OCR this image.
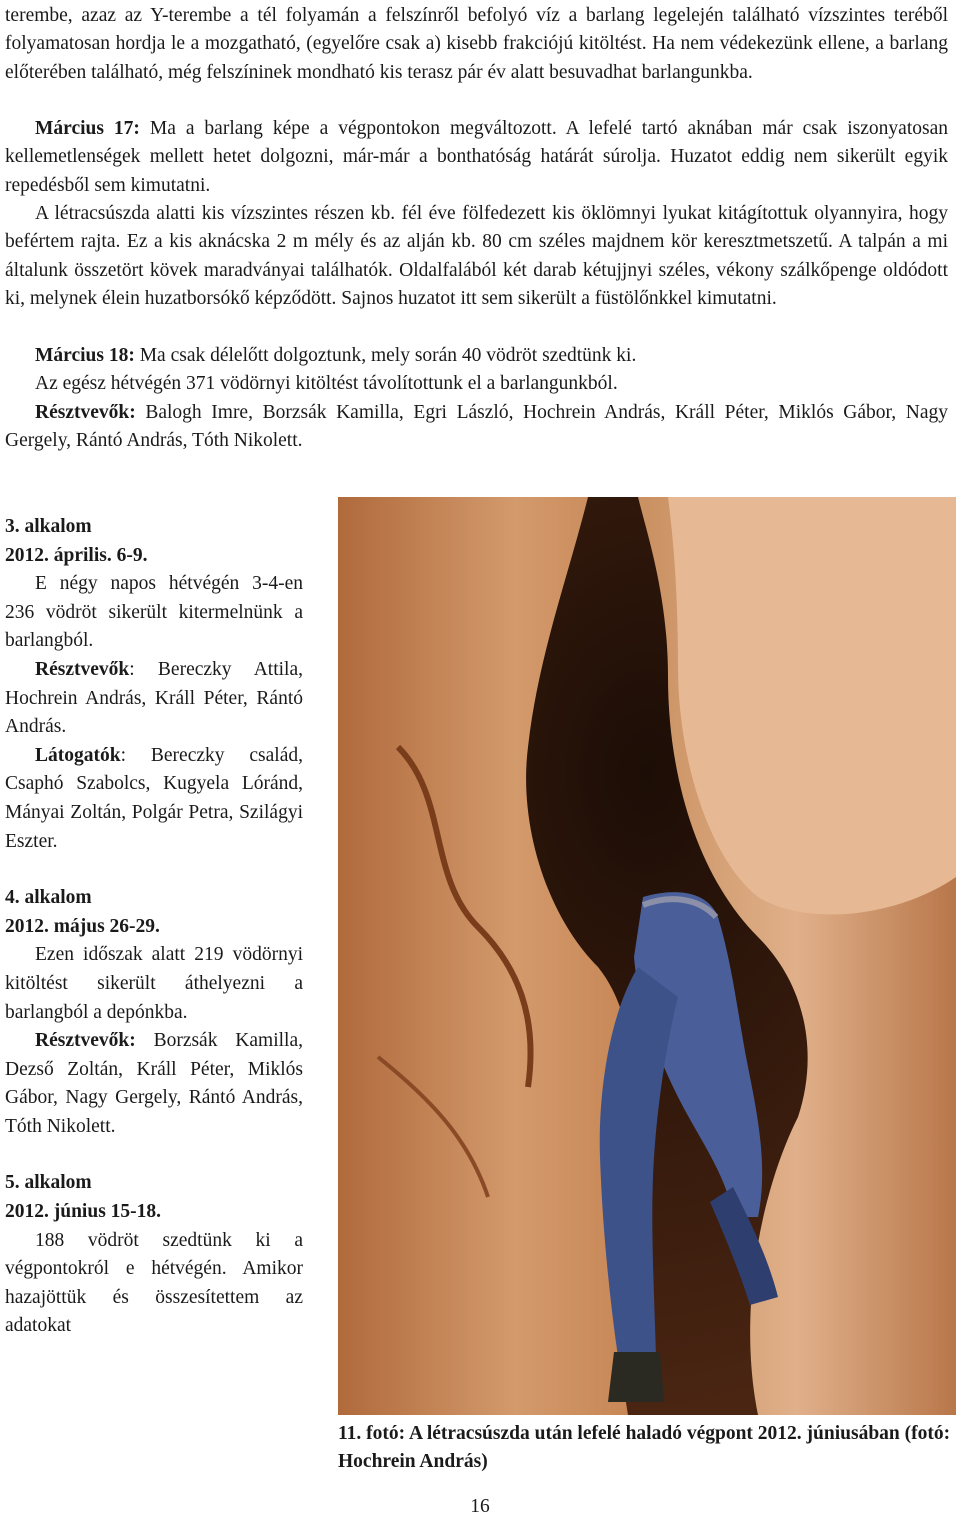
terembe, azaz az Y-terembe a tél folyamán a felszínről befolyó víz a barlang legelején található vízszintes teréből folyamatosan hordja le a mozgatható, (egyelőre csak a) kisebb frakciójú kitöltést. Ha nem védekezünk ellene, a barlang előterében található, még felszíninek mondható kis terasz pár év alatt besuvadhat barlangunkba.

Március 17: Ma a barlang képe a végpontokon megváltozott. A lefelé tartó aknában már csak iszonyatosan kellemetlenségek mellett hetet dolgozni, már-már a bonthatóság határát súrolja. Huzatot eddig nem sikerült egyik repedésből sem kimutatni.

A létracsúszda alatti kis vízszintes részen kb. fél éve fölfedezett kis öklömnyi lyukat kitágítottuk olyannyira, hogy befértem rajta. Ez a kis aknácska 2 m mély és az alján kb. 80 cm széles majdnem kör keresztmetszetű. A talpán a mi általunk összetört kövek maradványai találhatók. Oldalfalából két darab kétujjnyi széles, vékony szálkőpenge oldódott ki, melynek élein huzatborsókő képződött. Sajnos huzatot itt sem sikerült a füstölőnkkel kimutatni.

Március 18: Ma csak délelőtt dolgoztunk, mely során 40 vödröt szedtünk ki.

Az egész hétvégén 371 vödörnyi kitöltést távolítottunk el a barlangunkból.

Résztvevők: Balogh Imre, Borzsák Kamilla, Egri László, Hochrein András, Králl Péter, Miklós Gábor, Nagy Gergely, Rántó András, Tóth Nikolett.

3. alkalom

2012. április. 6-9.

E négy napos hétvégén 3-4-en 236 vödröt sikerült kitermelnünk a barlangból.

Résztvevők: Bereczky Attila, Hochrein András, Králl Péter, Rántó András.

Látogatók: Bereczky család, Csaphó Szabolcs, Kugyela Lóránd, Mányai Zoltán, Polgár Petra, Szilágyi Eszter.

4. alkalom

2012. május 26-29.

Ezen időszak alatt 219 vödörnyi kitöltést sikerült áthelyezni a barlangból a depónkba.

Résztvevők: Borzsák Kamilla, Dezső Zoltán, Králl Péter, Miklós Gábor, Nagy Gergely, Rántó András, Tóth Nikolett.

5. alkalom

2012. június 15-18.

188 vödröt szedtünk ki a végpontokról e hétvégén. Amikor hazajöttük és összesítettem az adatokat

11. fotó: A létracsúszda után lefelé haladó végpont 2012. júniusában (fotó: Hochrein András)

16
